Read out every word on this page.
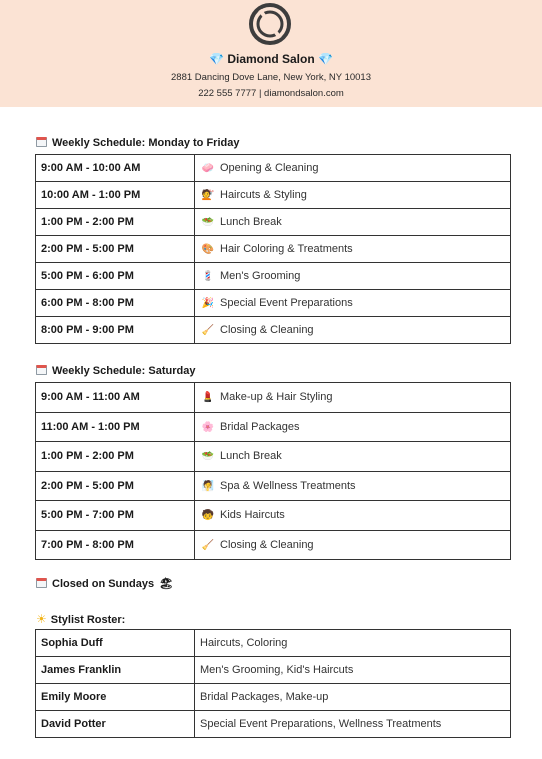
💎 Diamond Salon 💎
2881 Dancing Dove Lane, New York, NY 10013
222 555 7777 | diamondsalon.com
Weekly Schedule: Monday to Friday
9:00 AM - 10:00 AM	🧼 Opening & Cleaning
10:00 AM - 1:00 PM	💇 Haircuts & Styling
1:00 PM - 2:00 PM	🥗 Lunch Break
2:00 PM - 5:00 PM	🎨 Hair Coloring & Treatments
5:00 PM - 6:00 PM	💈 Men's Grooming
6:00 PM - 8:00 PM	🎉 Special Event Preparations
8:00 PM - 9:00 PM	🧹 Closing & Cleaning
Weekly Schedule: Saturday
9:00 AM - 11:00 AM	💄 Make-up & Hair Styling
11:00 AM - 1:00 PM	🌸 Bridal Packages
1:00 PM - 2:00 PM	🥗 Lunch Break
2:00 PM - 5:00 PM	🧖 Spa & Wellness Treatments
5:00 PM - 7:00 PM	🧒 Kids Haircuts
7:00 PM - 8:00 PM	🧹 Closing & Cleaning
Closed on Sundays 🏖
☀ Stylist Roster:
Sophia Duff	Haircuts, Coloring
James Franklin	Men's Grooming, Kid's Haircuts
Emily Moore	Bridal Packages, Make-up
David Potter	Special Event Preparations, Wellness Treatments
